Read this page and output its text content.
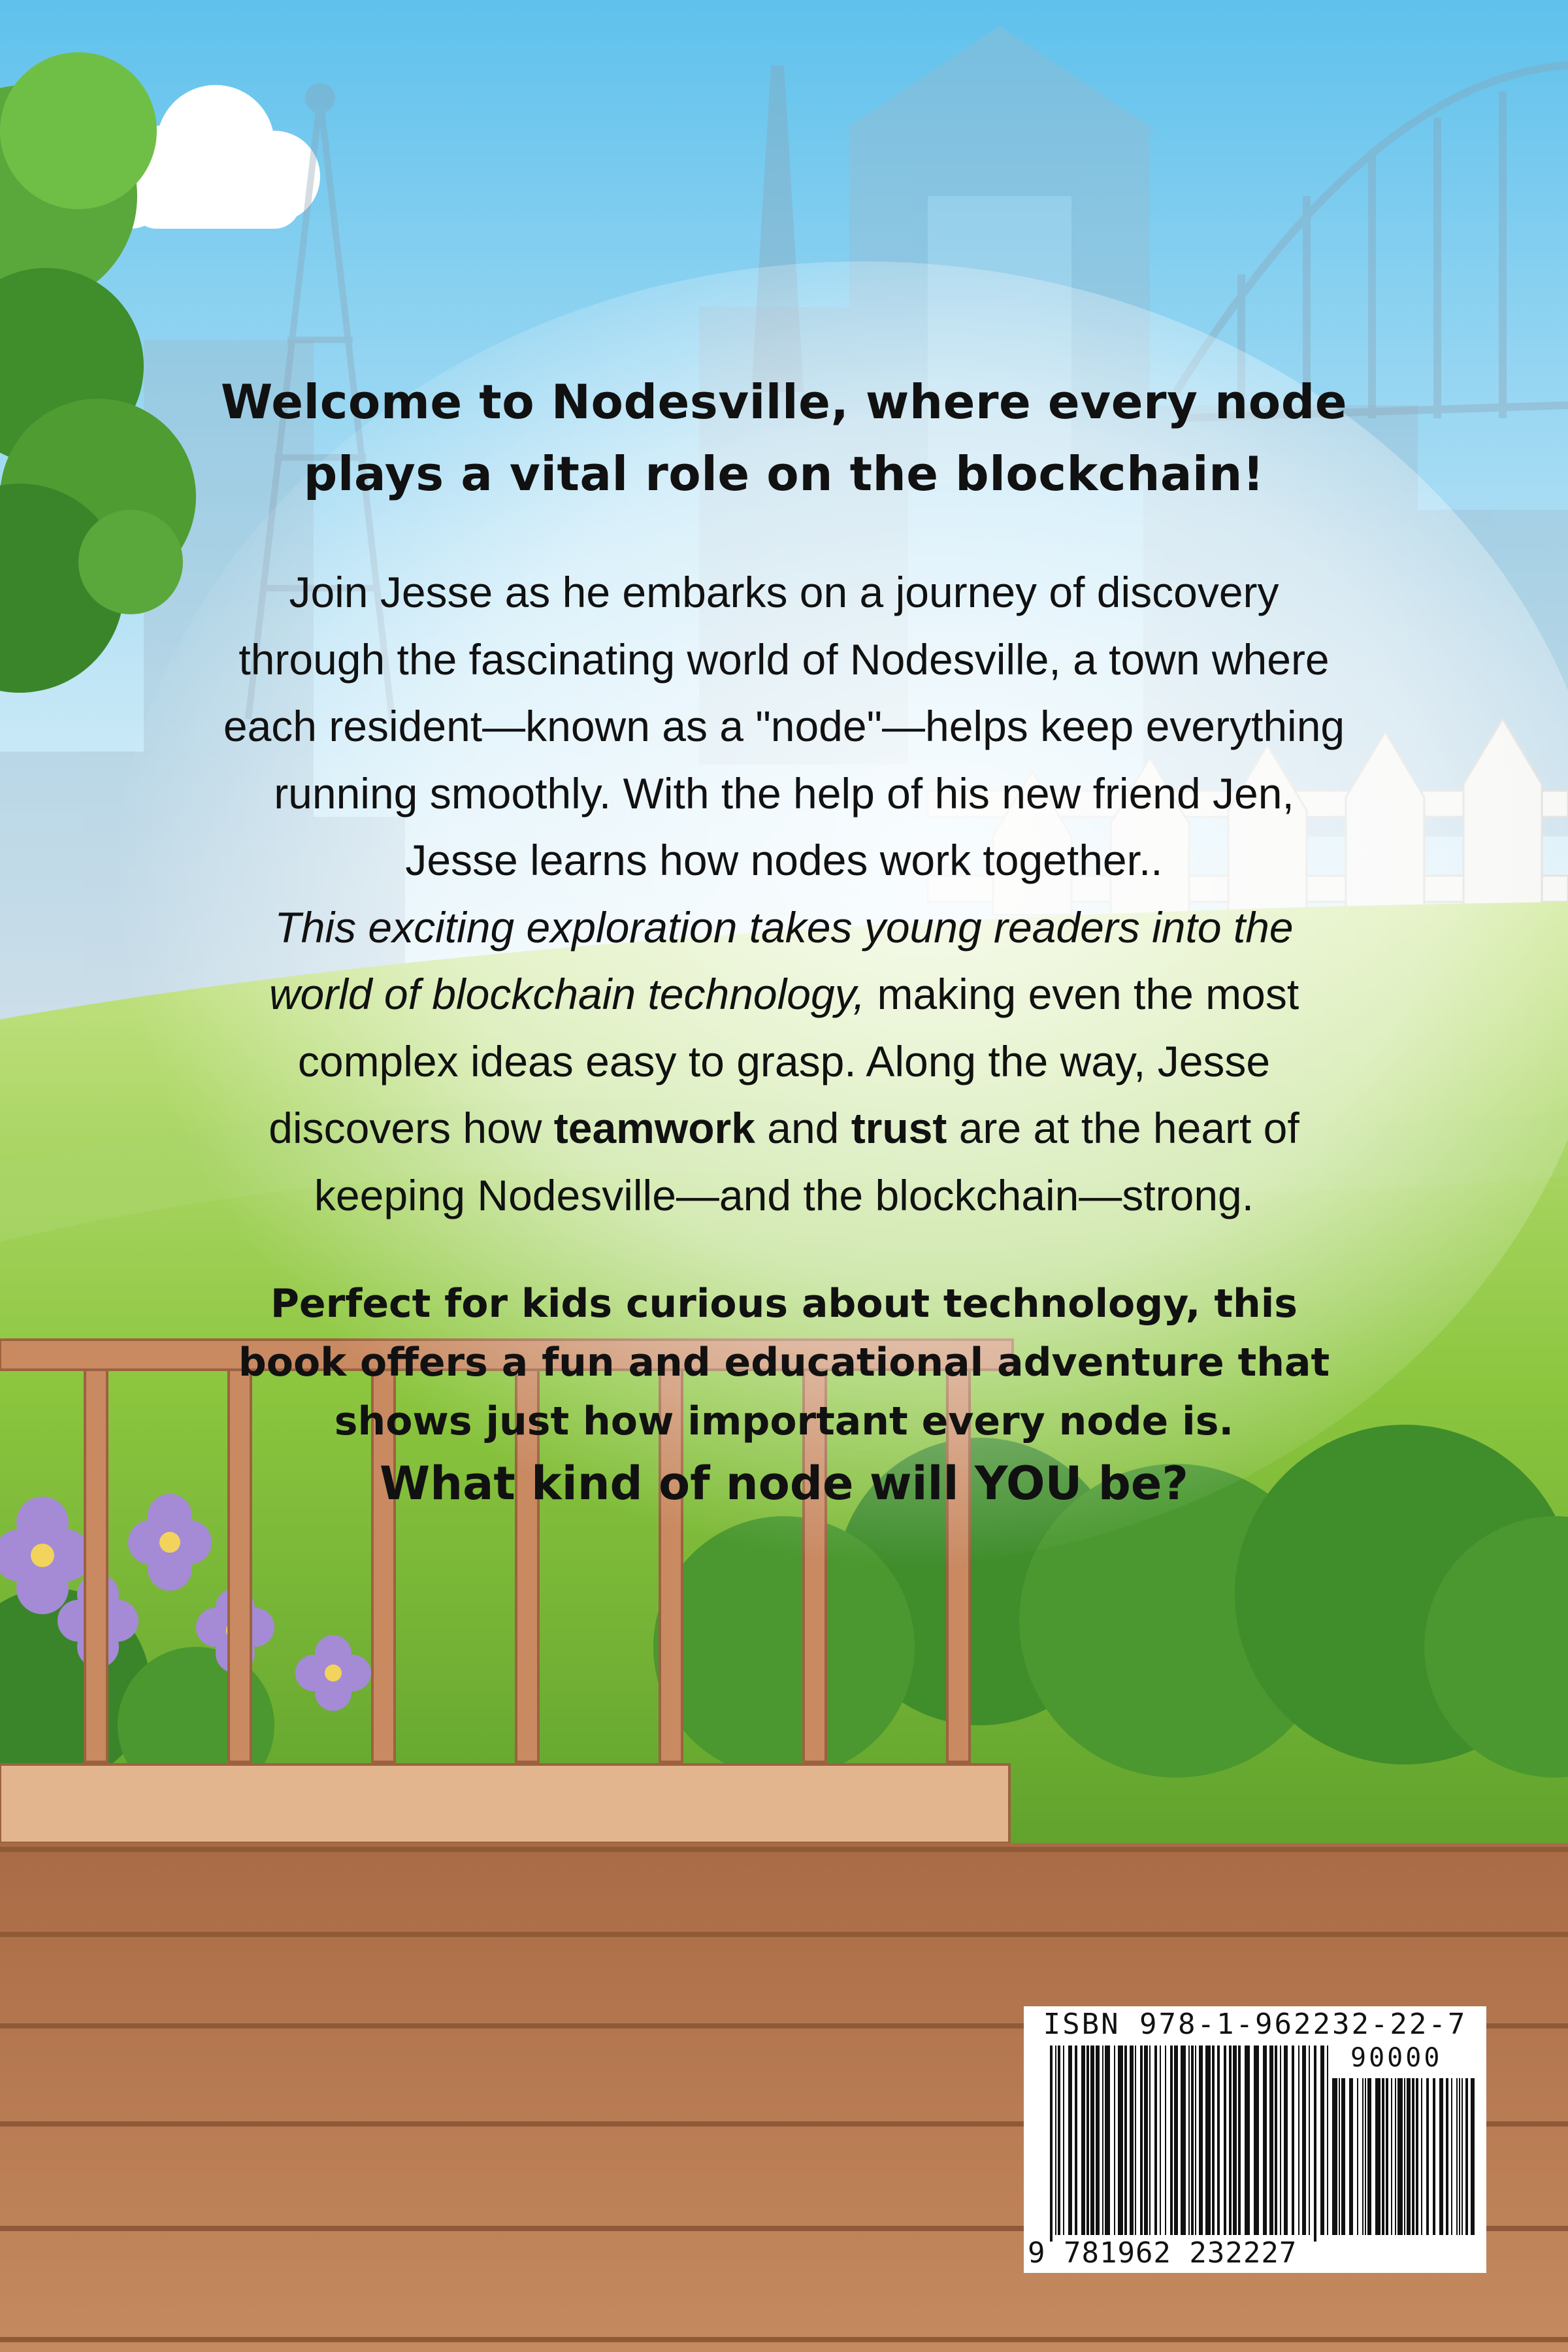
Welcome to Nodesville, where every node
plays a vital role on the blockchain!
Join Jesse as he embarks on a journey of discovery
through the fascinating world of Nodesville, a town where
each resident—known as a "node"—helps keep everything
running smoothly. With the help of his new friend Jen,
Jesse learns how nodes work together..
This exciting exploration takes young readers into the
world of blockchain technology, making even the most
complex ideas easy to grasp. Along the way, Jesse
discovers how teamwork and trust are at the heart of
keeping Nodesville—and the blockchain—strong.
Perfect for kids curious about technology, this
book offers a fun and educational adventure that
shows just how important every node is.
What kind of node will YOU be?
ISBN 978-1-962232-22-7
90000
9 781962 232227
